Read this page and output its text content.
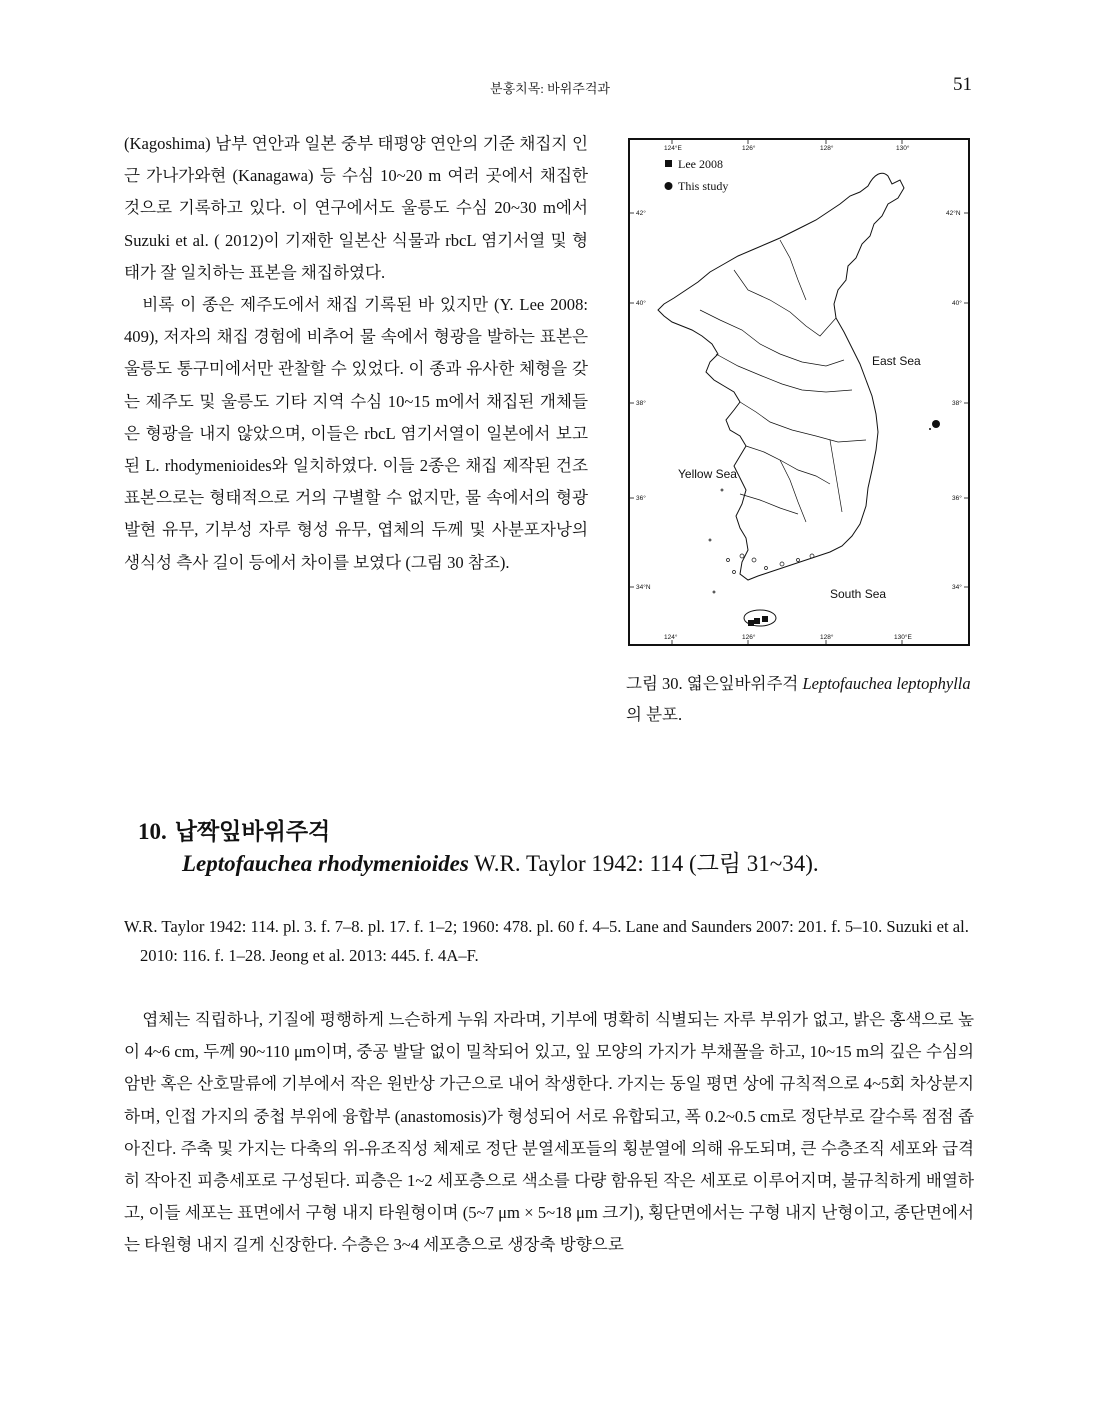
분홍치목: 바위주걱과	51

(Kagoshima) 남부 연안과 일본 중부 태평양 연안의 기준 채집지 인근 가나가와현 (Kanagawa) 등 수심 10~20 m 여러 곳에서 채집한 것으로 기록하고 있다. 이 연구에서도 울릉도 수심 20~30 m에서 Suzuki et al. ( 2012)이 기재한 일본산 식물과 rbcL 염기서열 및 형태가 잘 일치하는 표본을 채집하였다.

비록 이 종은 제주도에서 채집 기록된 바 있지만 (Y. Lee 2008: 409), 저자의 채집 경험에 비추어 물 속에서 형광을 발하는 표본은 울릉도 통구미에서만 관찰할 수 있었다. 이 종과 유사한 체형을 갖는 제주도 및 울릉도 기타 지역 수심 10~15 m에서 채집된 개체들은 형광을 내지 않았으며, 이들은 rbcL 염기서열이 일본에서 보고된 L. rhodymenioides와 일치하였다. 이들 2종은 채집 제작된 건조표본으로는 형태적으로 거의 구별할 수 없지만, 물 속에서의 형광 발현 유무, 기부성 자루 형성 유무, 엽체의 두께 및 사분포자낭의 생식성 측사 길이 등에서 차이를 보였다 (그림 30 참조).

124°E	126°	128°	130°
124°	126°	128°	130°E
42°
40°
38°
36°
34°N
42°N
40°
38°
36°
34°
Lee 2008
This study
East Sea
Yellow Sea
South Sea

그림 30. 엷은잎바위주걱 Leptofauchea leptophylla의 분포.

10. 납짝잎바위주걱

Leptofauchea rhodymenioides W.R. Taylor 1942: 114 (그림 31~34).

W.R. Taylor 1942: 114. pl. 3. f. 7–8. pl. 17. f. 1–2; 1960: 478. pl. 60 f. 4–5. Lane and Saunders 2007: 201. f. 5–10. Suzuki et al. 2010: 116. f. 1–28. Jeong et al. 2013: 445. f. 4A–F.

엽체는 직립하나, 기질에 평행하게 느슨하게 누워 자라며, 기부에 명확히 식별되는 자루 부위가 없고, 밝은 홍색으로 높이 4~6 cm, 두께 90~110 μm이며, 중공 발달 없이 밀착되어 있고, 잎 모양의 가지가 부채꼴을 하고, 10~15 m의 깊은 수심의 암반 혹은 산호말류에 기부에서 작은 원반상 가근으로 내어 착생한다. 가지는 동일 평면 상에 규칙적으로 4~5회 차상분지하며, 인접 가지의 중첩 부위에 융합부 (anastomosis)가 형성되어 서로 유합되고, 폭 0.2~0.5 cm로 정단부로 갈수록 점점 좁아진다. 주축 및 가지는 다축의 위-유조직성 체제로 정단 분열세포들의 횡분열에 의해 유도되며, 큰 수층조직 세포와 급격히 작아진 피층세포로 구성된다. 피층은 1~2 세포층으로 색소를 다량 함유된 작은 세포로 이루어지며, 불규칙하게 배열하고, 이들 세포는 표면에서 구형 내지 타원형이며 (5~7 μm × 5~18 μm 크기), 횡단면에서는 구형 내지 난형이고, 종단면에서는 타원형 내지 길게 신장한다. 수층은 3~4 세포층으로 생장축 방향으로
